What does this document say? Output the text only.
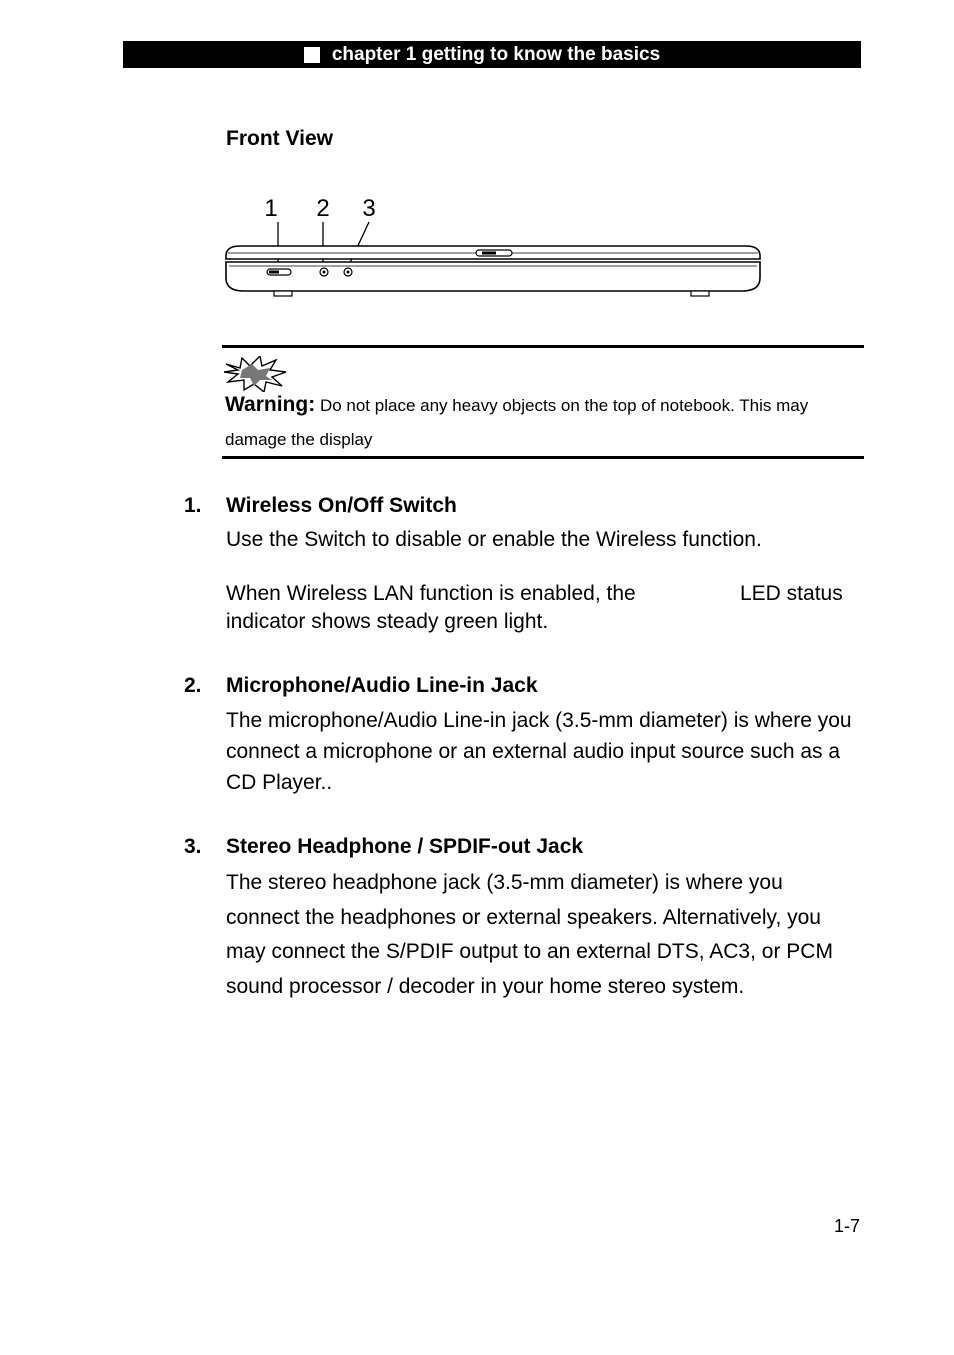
chapter 1 getting to know the basics
Front View
1 2 3
Warning: Do not place any heavy objects on the top of notebook. This may damage the display
1. Wireless On/Off Switch
Use the Switch to disable or enable the Wireless function.
When Wireless LAN function is enabled, the	LED status
indicator shows steady green light.
2. Microphone/Audio Line-in Jack
The microphone/Audio Line-in jack (3.5-mm diameter) is where you connect a microphone or an external audio input source such as a CD Player..
3. Stereo Headphone / SPDIF-out Jack
The stereo headphone jack (3.5-mm diameter) is where you connect the headphones or external speakers. Alternatively, you may connect the S/PDIF output to an external DTS, AC3, or PCM sound processor / decoder in your home stereo system.
1-7
